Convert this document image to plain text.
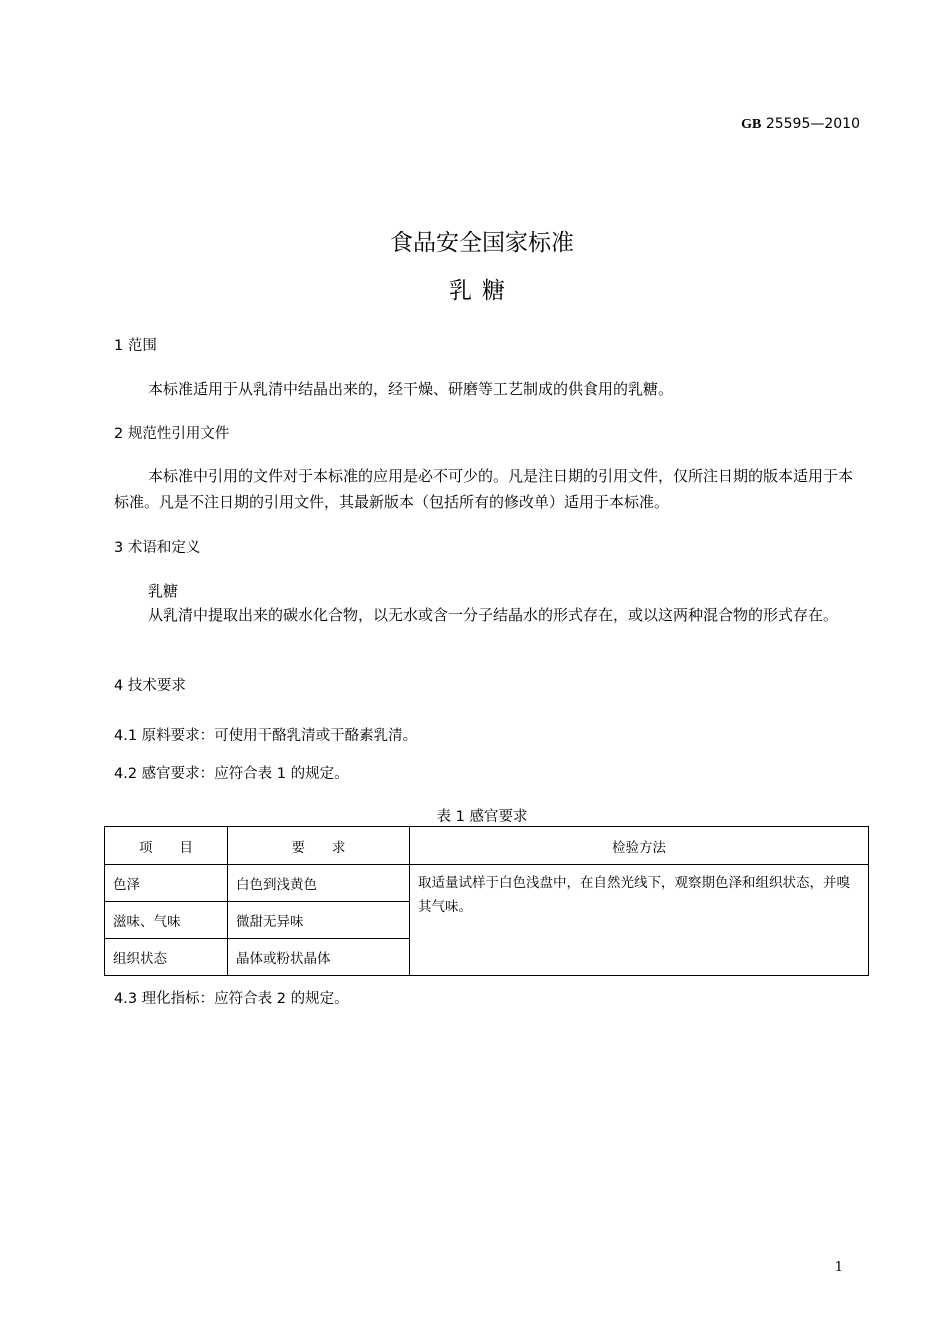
GB 25595—2010
食品安全国家标准
乳糖
1 范围
本标准适用于从乳清中结晶出来的，经干燥、研磨等工艺制成的供食用的乳糖。
2 规范性引用文件
本标准中引用的文件对于本标准的应用是必不可少的。凡是注日期的引用文件，仅所注日期的版本适用于本标准。凡是不注日期的引用文件，其最新版本（包括所有的修改单）适用于本标准。
3 术语和定义
乳糖
从乳清中提取出来的碳水化合物，以无水或含一分子结晶水的形式存在，或以这两种混合物的形式存在。
4 技术要求
4.1 原料要求：可使用干酪乳清或干酪素乳清。
4.2 感官要求：应符合表 1 的规定。
表 1 感官要求
项　　目	要　　求	检验方法
色泽	白色到浅黄色	取适量试样于白色浅盘中，在自然光线下，观察期色泽和组织状态，并嗅其气味。
滋味、气味	微甜无异味	
组织状态	晶体或粉状晶体	
4.3 理化指标：应符合表 2 的规定。
1
